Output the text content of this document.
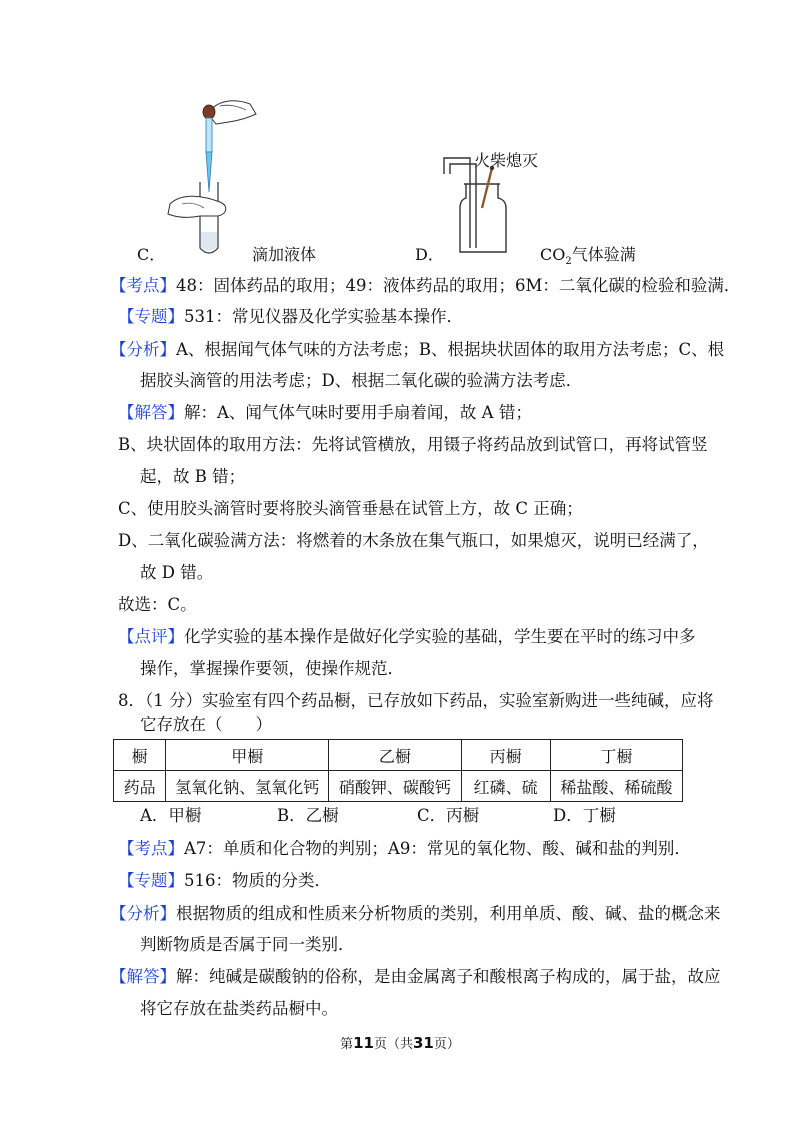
火柴熄灭
C．	滴加液体	D．	$CO_2$气体验满
【考点】48：固体药品的取用；49：液体药品的取用；6M：二氧化碳的检验和验满．
【专题】531：常见仪器及化学实验基本操作．
【分析】A、根据闻气体气味的方法考虑；B、根据块状固体的取用方法考虑；C、根
据胶头滴管的用法考虑；D、根据二氧化碳的验满方法考虑．
【解答】解：A、闻气体气味时要用手扇着闻，故 A 错；
B、块状固体的取用方法：先将试管横放，用镊子将药品放到试管口，再将试管竖
起，故 B 错；
C、使用胶头滴管时要将胶头滴管垂悬在试管上方，故 C 正确；
D、二氧化碳验满方法：将燃着的木条放在集气瓶口，如果熄灭，说明已经满了，
故 D 错。
故选：C。
【点评】化学实验的基本操作是做好化学实验的基础，学生要在平时的练习中多
操作，掌握操作要领，使操作规范．
8．（1 分）实验室有四个药品橱，已存放如下药品，实验室新购进一些纯碱，应将
它存放在（　　）
橱	甲橱	乙橱	丙橱	丁橱
药品	氢氧化钠、氢氧化钙	硝酸钾、碳酸钙	红磷、硫	稀盐酸、稀硫酸
A．甲橱	B．乙橱	C．丙橱	D．丁橱
【考点】A7：单质和化合物的判别；A9：常见的氧化物、酸、碱和盐的判别．
【专题】516：物质的分类．
【分析】根据物质的组成和性质来分析物质的类别，利用单质、酸、碱、盐的概念来
判断物质是否属于同一类别．
【解答】解：纯碱是碳酸钠的俗称，是由金属离子和酸根离子构成的，属于盐，故应
将它存放在盐类药品橱中。
第11页（共31页）
